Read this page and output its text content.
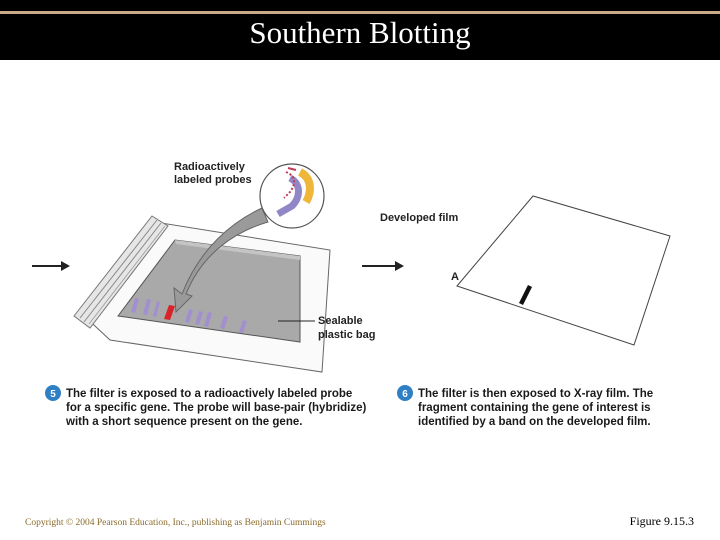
Southern Blotting
Radioactively
labeled probes
Sealable
plastic bag
Developed film
A
5 The filter is exposed to a radioactively labeled probe
for a specific gene. The probe will base-pair (hybridize)
with a short sequence present on the gene.
6 The filter is then exposed to X-ray film. The
fragment containing the gene of interest is
identified by a band on the developed film.
Copyright © 2004 Pearson Education, Inc., publishing as Benjamin Cummings	Figure 9.15.3
